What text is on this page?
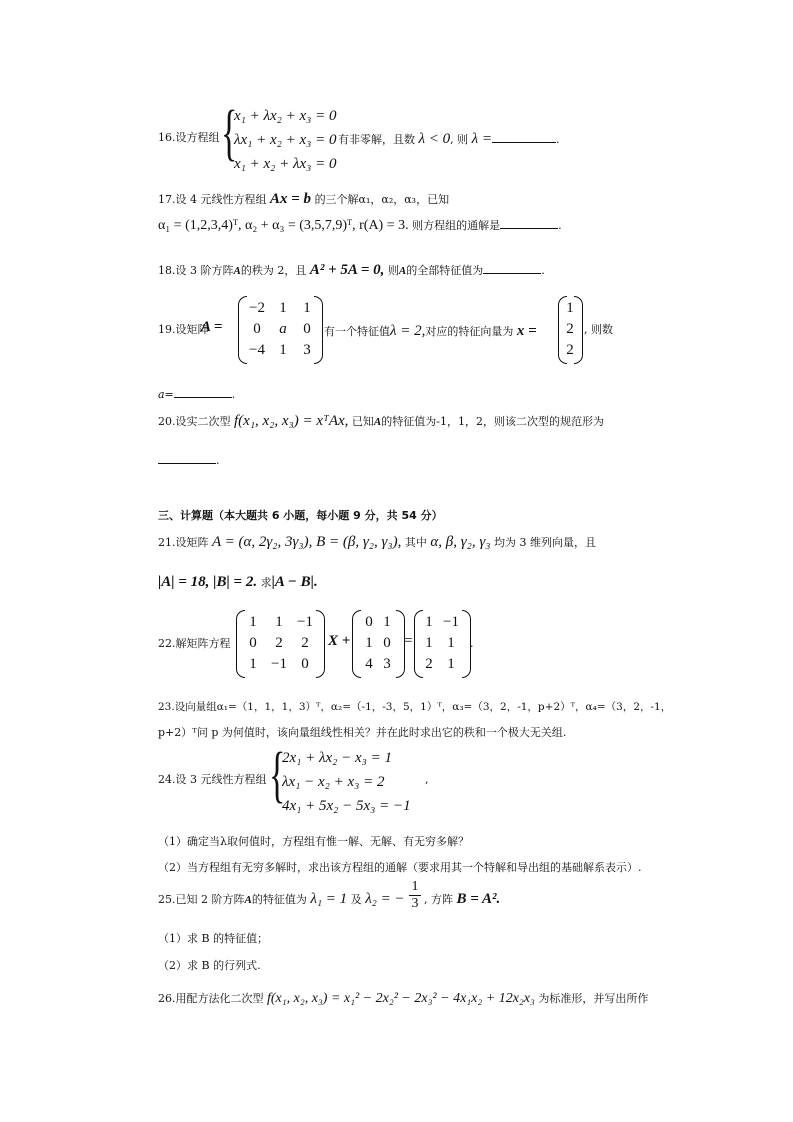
16.设方程组 {
x₁ + λx₂ + x₃ = 0
λx₁ + x₂ + x₃ = 0
x₁ + x₂ + λx₃ = 0
有非零解，且数 λ < 0, 则 λ =	.
17.设 4 元线性方程组 Ax = b 的三个解α₁，α₂，α₃，已知
α₁ = (1,2,3,4)ᵀ, α₂ + α₃ = (3,5,7,9)ᵀ, r(A) = 3. 则方程组的通解是	.
18.设 3 阶方阵A的秩为 2，且 A² + 5A = 0, 则A的全部特征值为	.
19.设矩阵
A =
−2 1	1
0	a	0
−4 1	3
有一个特征值λ = 2,对应的特征向量为 x =
1
2
2
, 则数
a=	.
20.设实二次型 f(x₁, x₂, x₃) = xᵀAx, 已知A的特征值为-1，1，2，则该二次型的规范形为
.
三、计算题（本大题共 6 小题，每小题 9 分，共 54 分）
21.设矩阵 A = (α, 2γ₂, 3γ₃), B = (β, γ₂, γ₃), 其中 α, β, γ₂, γ₃ 均为 3 维列向量，且
|A| = 18, |B| = 2. 求|A − B|.
22.解矩阵方程
1	1 −1
0	2	2
1 −1 0
X +
0 1
1 0
4 3
=
1 −1
1 1
2 1
.
23.设向量组α₁=（1，1，1，3）ᵀ，α₂=（-1，-3，5，1）ᵀ，α₃=（3，2，-1，p+2）ᵀ，α₄=（3，2，-1，
p+2）ᵀ问 p 为何值时，该向量组线性相关？并在此时求出它的秩和一个极大无关组.
24.设 3 元线性方程组 {
2x₁ + λx₂ − x₃ = 1
λx₁ − x₂ + x₃ = 2
4x₁ + 5x₂ − 5x₃ = −1
,
（1）确定当λ取何值时，方程组有惟一解、无解、有无穷多解？
（2）当方程组有无穷多解时，求出该方程组的通解（要求用其一个特解和导出组的基础解系表示）.
25.已知 2 阶方阵A的特征值为 λ₁ = 1 及 λ₂ = − $\frac{1}{3}$ , 方阵 B = A².
（1）求 B 的特征值；
（2）求 B 的行列式.
26.用配方法化二次型 f(x₁, x₂, x₃) = x₁² − 2x₂² − 2x₃² − 4x₁x₂ + 12x₂x₃ 为标准形，并写出所作
